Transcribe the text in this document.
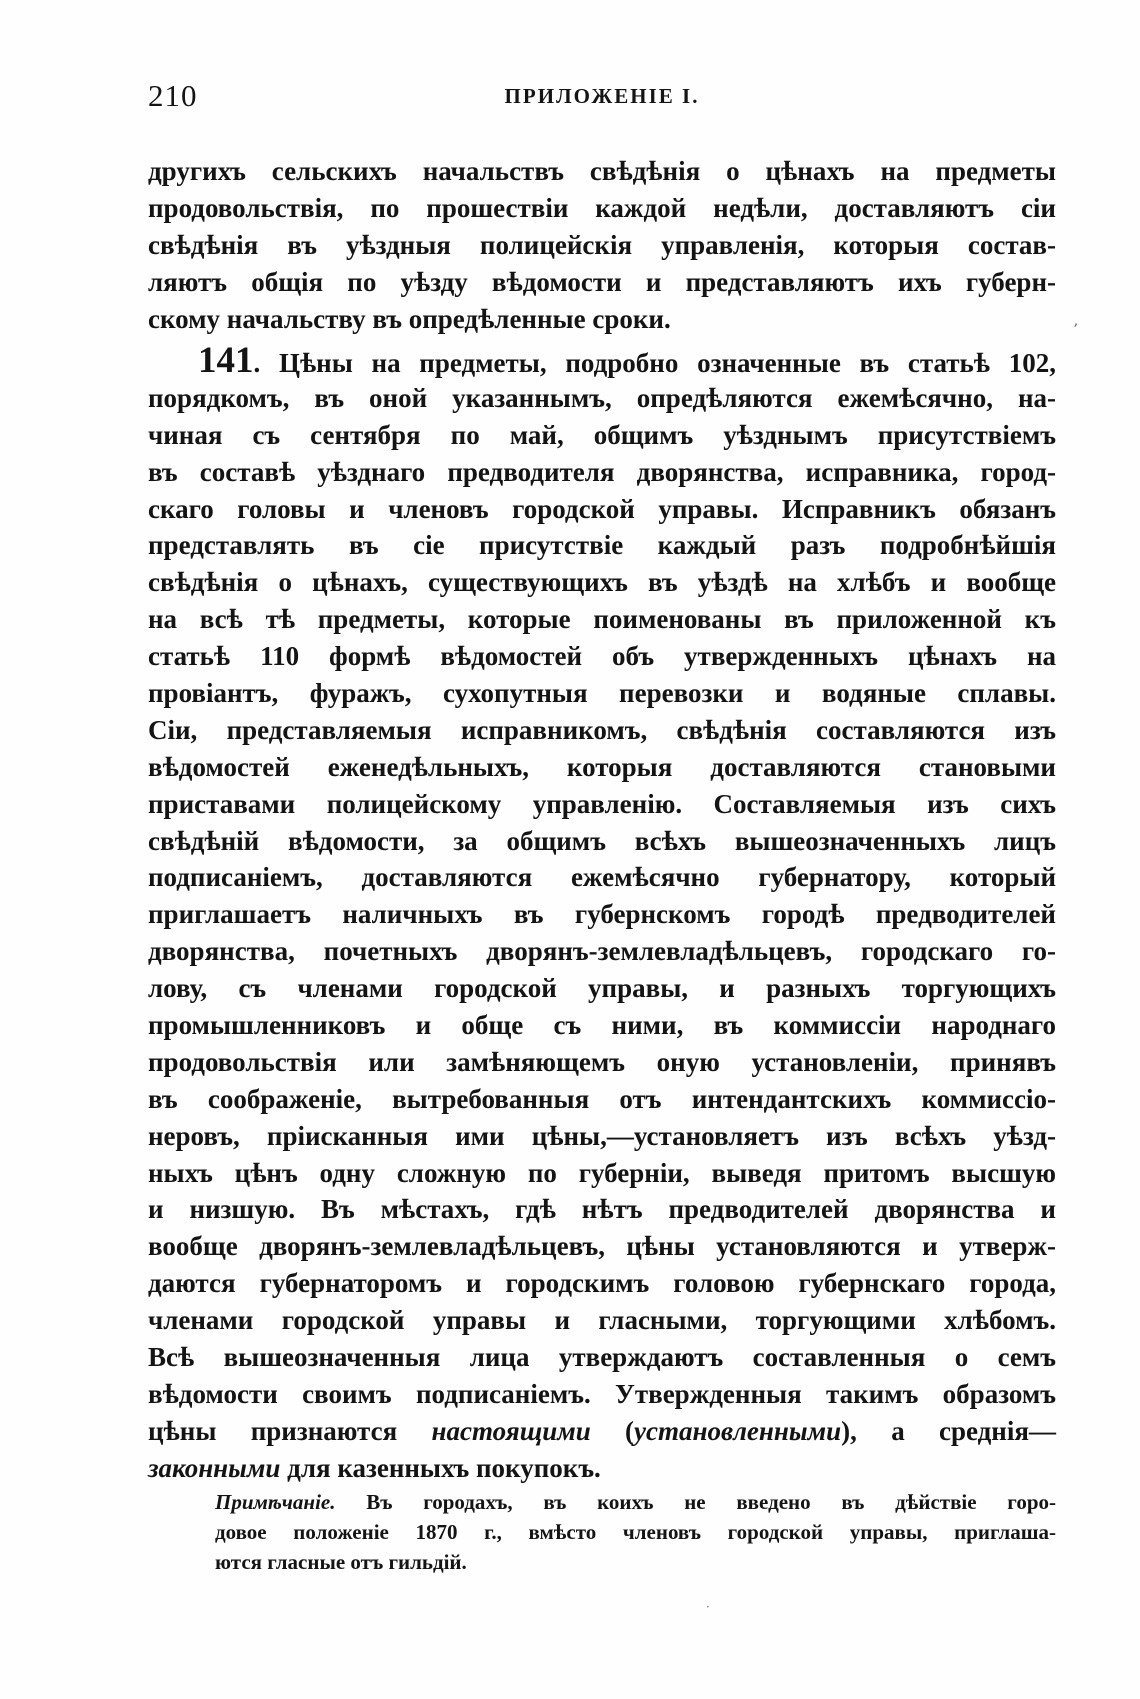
210	ПРИЛОЖЕНІЕ І.
другихъ сельскихъ начальствъ свѣдѣнія о цѣнахъ на предметы
продовольствія, по прошествіи каждой недѣли, доставляютъ сіи
свѣдѣнія въ уѣздныя полицейскія управленія, которыя состав-
ляютъ общія по уѣзду вѣдомости и представляютъ ихъ губерн-
скому начальству въ опредѣленные сроки.	ʼ
141. Цѣны на предметы, подробно означенные въ статьѣ 102,
порядкомъ, въ оной указаннымъ, опредѣляются ежемѣсячно, на-
чиная съ сентября по май, общимъ уѣзднымъ присутствіемъ
въ составѣ уѣзднаго предводителя дворянства, исправника, город-
скаго головы и членовъ городской управы. Исправникъ обязанъ
представлять въ сіе присутствіе каждый разъ подробнѣйшія
свѣдѣнія о цѣнахъ, существующихъ въ уѣздѣ на хлѣбъ и вообще
на всѣ тѣ предметы, которые поименованы въ приложенной къ
статьѣ 110 формѣ вѣдомостей объ утвержденныхъ цѣнахъ на
провіантъ, фуражъ, сухопутныя перевозки и водяные сплавы.
Сіи, представляемыя исправникомъ, свѣдѣнія составляются изъ
вѣдомостей еженедѣльныхъ, которыя доставляются становыми
приставами полицейскому управленію. Составляемыя изъ сихъ
свѣдѣній вѣдомости, за общимъ всѣхъ вышеозначенныхъ лицъ
подписаніемъ, доставляются ежемѣсячно губернатору, который
приглашаетъ наличныхъ въ губернскомъ городѣ предводителей
дворянства, почетныхъ дворянъ-землевладѣльцевъ, городскаго го-
лову, съ членами городской управы, и разныхъ торгующихъ
промышленниковъ и обще съ ними, въ коммиссіи народнаго
продовольствія или замѣняющемъ оную установленіи, принявъ
въ соображеніе, вытребованныя отъ интендантскихъ коммиссіо-
неровъ, пріисканныя ими цѣны,—установляетъ изъ всѣхъ уѣзд-
ныхъ цѣнъ одну сложную по губерніи, выведя притомъ высшую
и низшую. Въ мѣстахъ, гдѣ нѣтъ предводителей дворянства и
вообще дворянъ-землевладѣльцевъ, цѣны установляются и утверж-
даются губернаторомъ и городскимъ головою губернскаго города,
членами городской управы и гласными, торгующими хлѣбомъ.
Всѣ вышеозначенныя лица утверждаютъ составленныя о семъ
вѣдомости своимъ подписаніемъ. Утвержденныя такимъ образомъ
цѣны признаются настоящими (установленными), а среднія—
законными для казенныхъ покупокъ.
Примѣчаніе. Въ городахъ, въ коихъ не введено въ дѣйствіе горо-
довое положеніе 1870 г., вмѣсто членовъ городской управы, приглаша-
ются гласные отъ гильдій.
·
